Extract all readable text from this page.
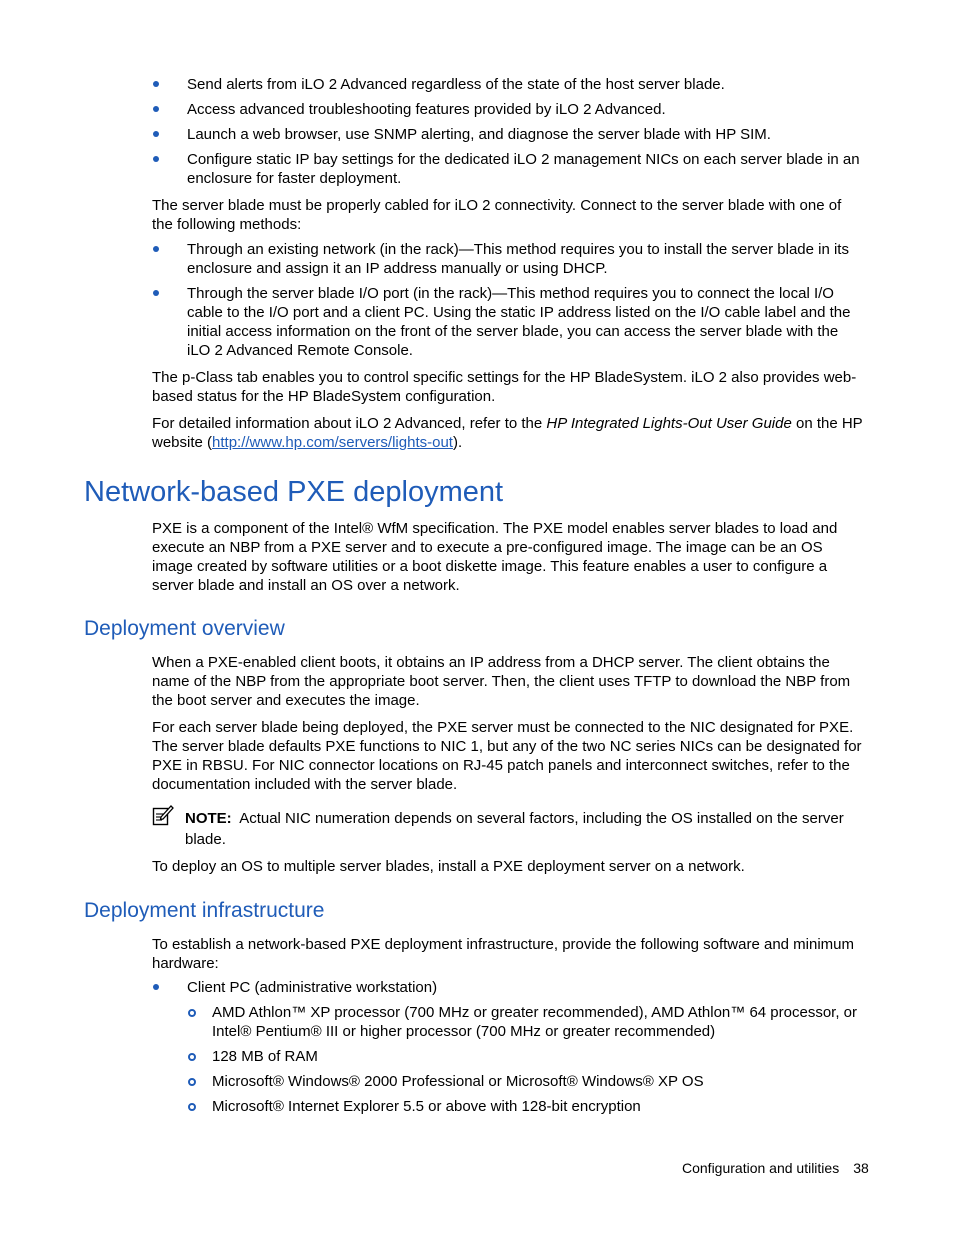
Send alerts from iLO 2 Advanced regardless of the state of the host server blade.
Access advanced troubleshooting features provided by iLO 2 Advanced.
Launch a web browser, use SNMP alerting, and diagnose the server blade with HP SIM.
Configure static IP bay settings for the dedicated iLO 2 management NICs on each server blade in an enclosure for faster deployment.

The server blade must be properly cabled for iLO 2 connectivity. Connect to the server blade with one of the following methods:

Through an existing network (in the rack)—This method requires you to install the server blade in its enclosure and assign it an IP address manually or using DHCP.
Through the server blade I/O port (in the rack)—This method requires you to connect the local I/O cable to the I/O port and a client PC. Using the static IP address listed on the I/O cable label and the initial access information on the front of the server blade, you can access the server blade with the iLO 2 Advanced Remote Console.

The p-Class tab enables you to control specific settings for the HP BladeSystem. iLO 2 also provides web-based status for the HP BladeSystem configuration.

For detailed information about iLO 2 Advanced, refer to the HP Integrated Lights-Out User Guide on the HP website (http://www.hp.com/servers/lights-out).

Network-based PXE deployment

PXE is a component of the Intel® WfM specification. The PXE model enables server blades to load and execute an NBP from a PXE server and to execute a pre-configured image. The image can be an OS image created by software utilities or a boot diskette image. This feature enables a user to configure a server blade and install an OS over a network.

Deployment overview

When a PXE-enabled client boots, it obtains an IP address from a DHCP server. The client obtains the name of the NBP from the appropriate boot server. Then, the client uses TFTP to download the NBP from the boot server and executes the image.

For each server blade being deployed, the PXE server must be connected to the NIC designated for PXE. The server blade defaults PXE functions to NIC 1, but any of the two NC series NICs can be designated for PXE in RBSU. For NIC connector locations on RJ-45 patch panels and interconnect switches, refer to the documentation included with the server blade.

NOTE: Actual NIC numeration depends on several factors, including the OS installed on the server blade.

To deploy an OS to multiple server blades, install a PXE deployment server on a network.

Deployment infrastructure

To establish a network-based PXE deployment infrastructure, provide the following software and minimum hardware:

Client PC (administrative workstation)
AMD Athlon™ XP processor (700 MHz or greater recommended), AMD Athlon™ 64 processor, or Intel® Pentium® III or higher processor (700 MHz or greater recommended)
128 MB of RAM
Microsoft® Windows® 2000 Professional or Microsoft® Windows® XP OS
Microsoft® Internet Explorer 5.5 or above with 128-bit encryption
Configuration and utilities 38
